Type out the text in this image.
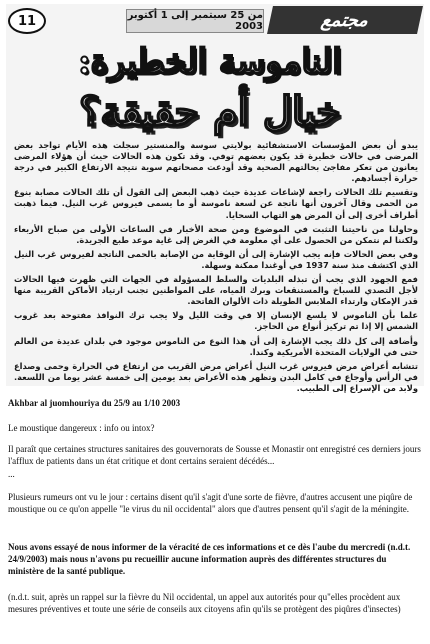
11	من 25 سبتمبر إلى 1 أكتوبر 2003	مجتمع
الناموسة الخطيرة:
خيال أم حقيقة؟

يبدو أن بعض المؤسسات الاستشفائية بولايتي سوسة والمنستير سجلت هذه الأيام تواجد بعض المرضى في حالات خطيرة قد يكون بعضهم توفي. وقد تكون هذه الحالات حيث أن هؤلاء المرضى يعانون من تعكر مفاجئ بحالتهم الصحية وقد أودعت مصحاتهم سوية نتيجة الارتفاع الكبير في درجة حرارة أجسادهم.

وتقسيم تلك الحالات راجعة لإشاعات عديدة حيث ذهب البعض إلى القول أن تلك الحالات مصابة بنوع من الحمى وقال آخرون أنها ناتجة عن لسعة ناموسة أو ما يسمى فيروس غرب النيل. فيما ذهبت أطراف أخرى إلى أن المرض هو التهاب السحايا.

وحاولنا من ناحيتنا التثبت في الموضوع ومن صحة الأخبار في الساعات الأولى من صباح الأربعاء ولكننا لم نتمكن من الحصول على أي معلومة في الغرض إلى غاية موعد طبع الجريدة.

وفي بعض الحالات فإنه يجب الإشارة إلى أن الوقاية من الإصابة بالحمى الناتجة لفيروس غرب النيل الذي اكتشف منذ سنة 1937 في أوغندا ممكنة وسهلة.

فمع الجهود الذي يجب أن تبذله البلديات والسلط المسؤولة في الجهات التي ظهرت فيها الحالات لأجل التصدي للسباخ والمستنقعات وبرك المياه، على المواطنين تجنب ارتياد الأماكن القريبة منها قدر الإمكان وارتداء الملابس الطويلة ذات الألوان الفاتحة.

علما بأن الناموس لا يلسع الإنسان إلا في وقت الليل ولا يجب ترك النوافذ مفتوحة بعد غروب الشمس إلا إذا تم تركيز أنواع من الحاجز.

وأضافة إلى كل ذلك يجب الإشارة إلى أن هذا النوع من الناموس موجود في بلدان عديدة من العالم حتى في الولايات المتحدة الأمريكية وكندا.

تتشابه أعراض مرض فيروس غرب النيل أعراض مرض القريب من ارتفاع في الحرارة وحمى وصداع في الرأس وأوجاع في كامل البدن وتظهر هذه الأعراض بعد يومين إلى خمسة عشر يوما من اللسعة. ولابد من الإسراع إلى الطبيب.

Akhbar al juomhouriya du 25/9 au 1/10 2003
Le moustique dangereux : info ou intox?
Il paraît que certaines structures sanitaires des gouvernorats de Sousse et Monastir ont enregistré ces derniers jours l'afflux de patients dans un état critique et dont certains seraient décédés...
...
Plusieurs rumeurs ont vu le jour : certains disent qu'il s'agit d'une sorte de fièvre, d'autres accusent une piqûre de moustique ou ce qu'on appelle "le virus du nil occidental" alors que d'autres pensent qu'il s'agit de la méningite.
Nous avons essayé de nous informer de la véracité de ces informations et ce dès l'aube du mercredi (n.d.t. 24/9/2003) mais nous n'avons pu recueillir aucune information auprès des différentes structures du ministère de la santé publique.
(n.d.t. suit, après un rappel sur la fièvre du Nil occidental, un appel aux autorités pour qu"elles procèdent aux mesures préventives et toute une série de conseils aux citoyens afin qu'ils se protègent des piqûres d'insectes)
